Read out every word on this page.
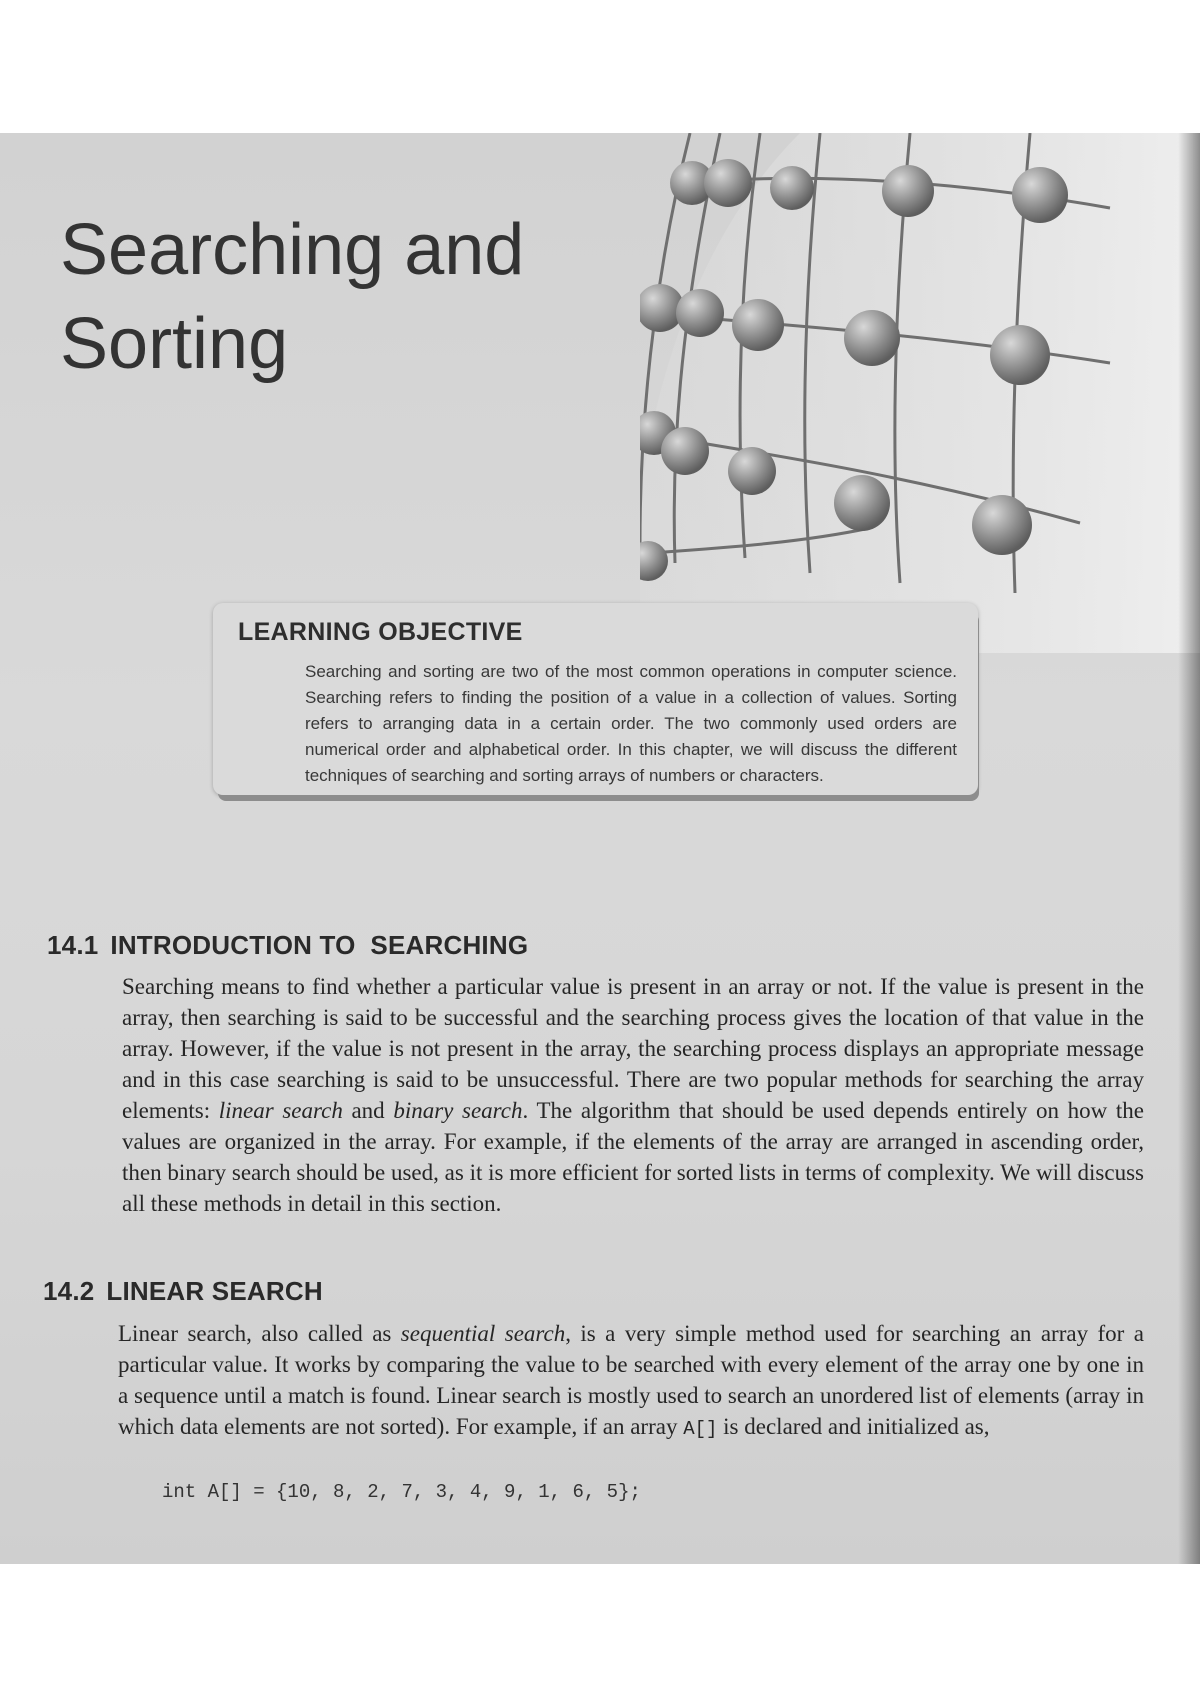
Searching and
Sorting
LEARNING OBJECTIVE

Searching and sorting are two of the most common operations in computer science. Searching refers to finding the position of a value in a collection of values. Sorting refers to arranging data in a certain order. The two commonly used orders are numerical order and alphabetical order. In this chapter, we will discuss the different techniques of searching and sorting arrays of numbers or characters.

14.1 INTRODUCTION TO  SEARCHING

Searching means to find whether a particular value is present in an array or not. If the value is present in the array, then searching is said to be successful and the searching process gives the location of that value in the array. However, if the value is not present in the array, the searching process displays an appropriate message and in this case searching is said to be unsuccessful. There are two popular methods for searching the array elements: linear search and binary search. The algorithm that should be used depends entirely on how the values are organized in the array. For example, if the elements of the array are arranged in ascending order, then binary search should be used, as it is more efficient for sorted lists in terms of complexity. We will discuss all these methods in detail in this section.

14.2 LINEAR SEARCH

Linear search, also called as sequential search, is a very simple method used for searching an array for a particular value. It works by comparing the value to be searched with every element of the array one by one in a sequence until a match is found. Linear search is mostly used to search an unordered list of elements (array in which data elements are not sorted). For example, if an array A[] is declared and initialized as,

int A[] = {10, 8, 2, 7, 3, 4, 9, 1, 6, 5};
